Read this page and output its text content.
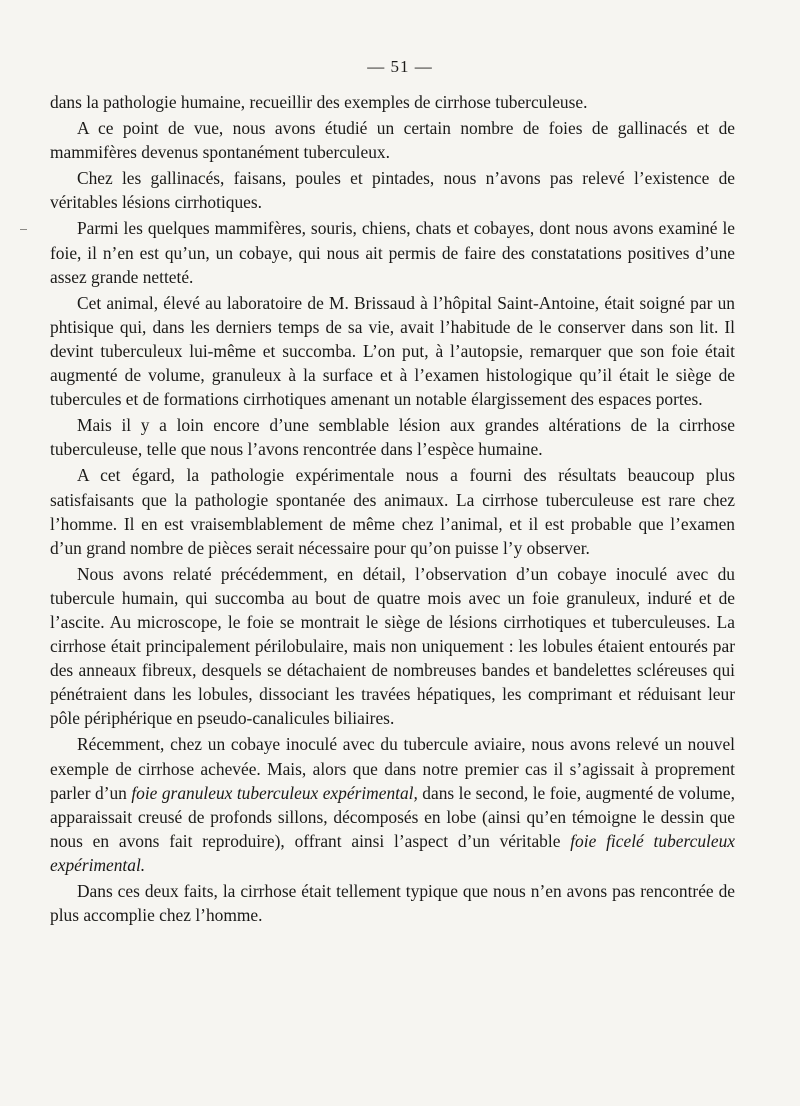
— 51 —

dans la pathologie humaine, recueillir des exemples de cirrhose tuberculeuse.

A ce point de vue, nous avons étudié un certain nombre de foies de gallinacés et de mammifères devenus spontanément tuberculeux.

Chez les gallinacés, faisans, poules et pintades, nous n’avons pas relevé l’existence de véritables lésions cirrhotiques.

Parmi les quelques mammifères, souris, chiens, chats et cobayes, dont nous avons examiné le foie, il n’en est qu’un, un cobaye, qui nous ait permis de faire des constatations positives d’une assez grande netteté.

Cet animal, élevé au laboratoire de M. Brissaud à l’hôpital Saint-Antoine, était soigné par un phtisique qui, dans les derniers temps de sa vie, avait l’habitude de le conserver dans son lit. Il devint tuberculeux lui-même et succomba. L’on put, à l’autopsie, remarquer que son foie était augmenté de volume, granuleux à la surface et à l’examen histologique qu’il était le siège de tubercules et de formations cirrhotiques amenant un notable élargissement des espaces portes.

Mais il y a loin encore d’une semblable lésion aux grandes altérations de la cirrhose tuberculeuse, telle que nous l’avons rencontrée dans l’espèce humaine.

A cet égard, la pathologie expérimentale nous a fourni des résultats beaucoup plus satisfaisants que la pathologie spontanée des animaux. La cirrhose tuberculeuse est rare chez l’homme. Il en est vraisemblablement de même chez l’animal, et il est probable que l’examen d’un grand nombre de pièces serait nécessaire pour qu’on puisse l’y observer.

Nous avons relaté précédemment, en détail, l’observation d’un cobaye inoculé avec du tubercule humain, qui succomba au bout de quatre mois avec un foie granuleux, induré et de l’ascite. Au microscope, le foie se montrait le siège de lésions cirrhotiques et tuberculeuses. La cirrhose était principalement périlobulaire, mais non uniquement : les lobules étaient entourés par des anneaux fibreux, desquels se détachaient de nombreuses bandes et bandelettes scléreuses qui pénétraient dans les lobules, dissociant les travées hépatiques, les comprimant et réduisant leur pôle périphérique en pseudo-canalicules biliaires.

Récemment, chez un cobaye inoculé avec du tubercule aviaire, nous avons relevé un nouvel exemple de cirrhose achevée. Mais, alors que dans notre premier cas il s’agissait à proprement parler d’un foie granuleux tuberculeux expérimental, dans le second, le foie, augmenté de volume, apparaissait creusé de profonds sillons, décomposés en lobe (ainsi qu’en témoigne le dessin que nous en avons fait reproduire), offrant ainsi l’aspect d’un véritable foie ficelé tuberculeux expérimental.

Dans ces deux faits, la cirrhose était tellement typique que nous n’en avons pas rencontrée de plus accomplie chez l’homme.
